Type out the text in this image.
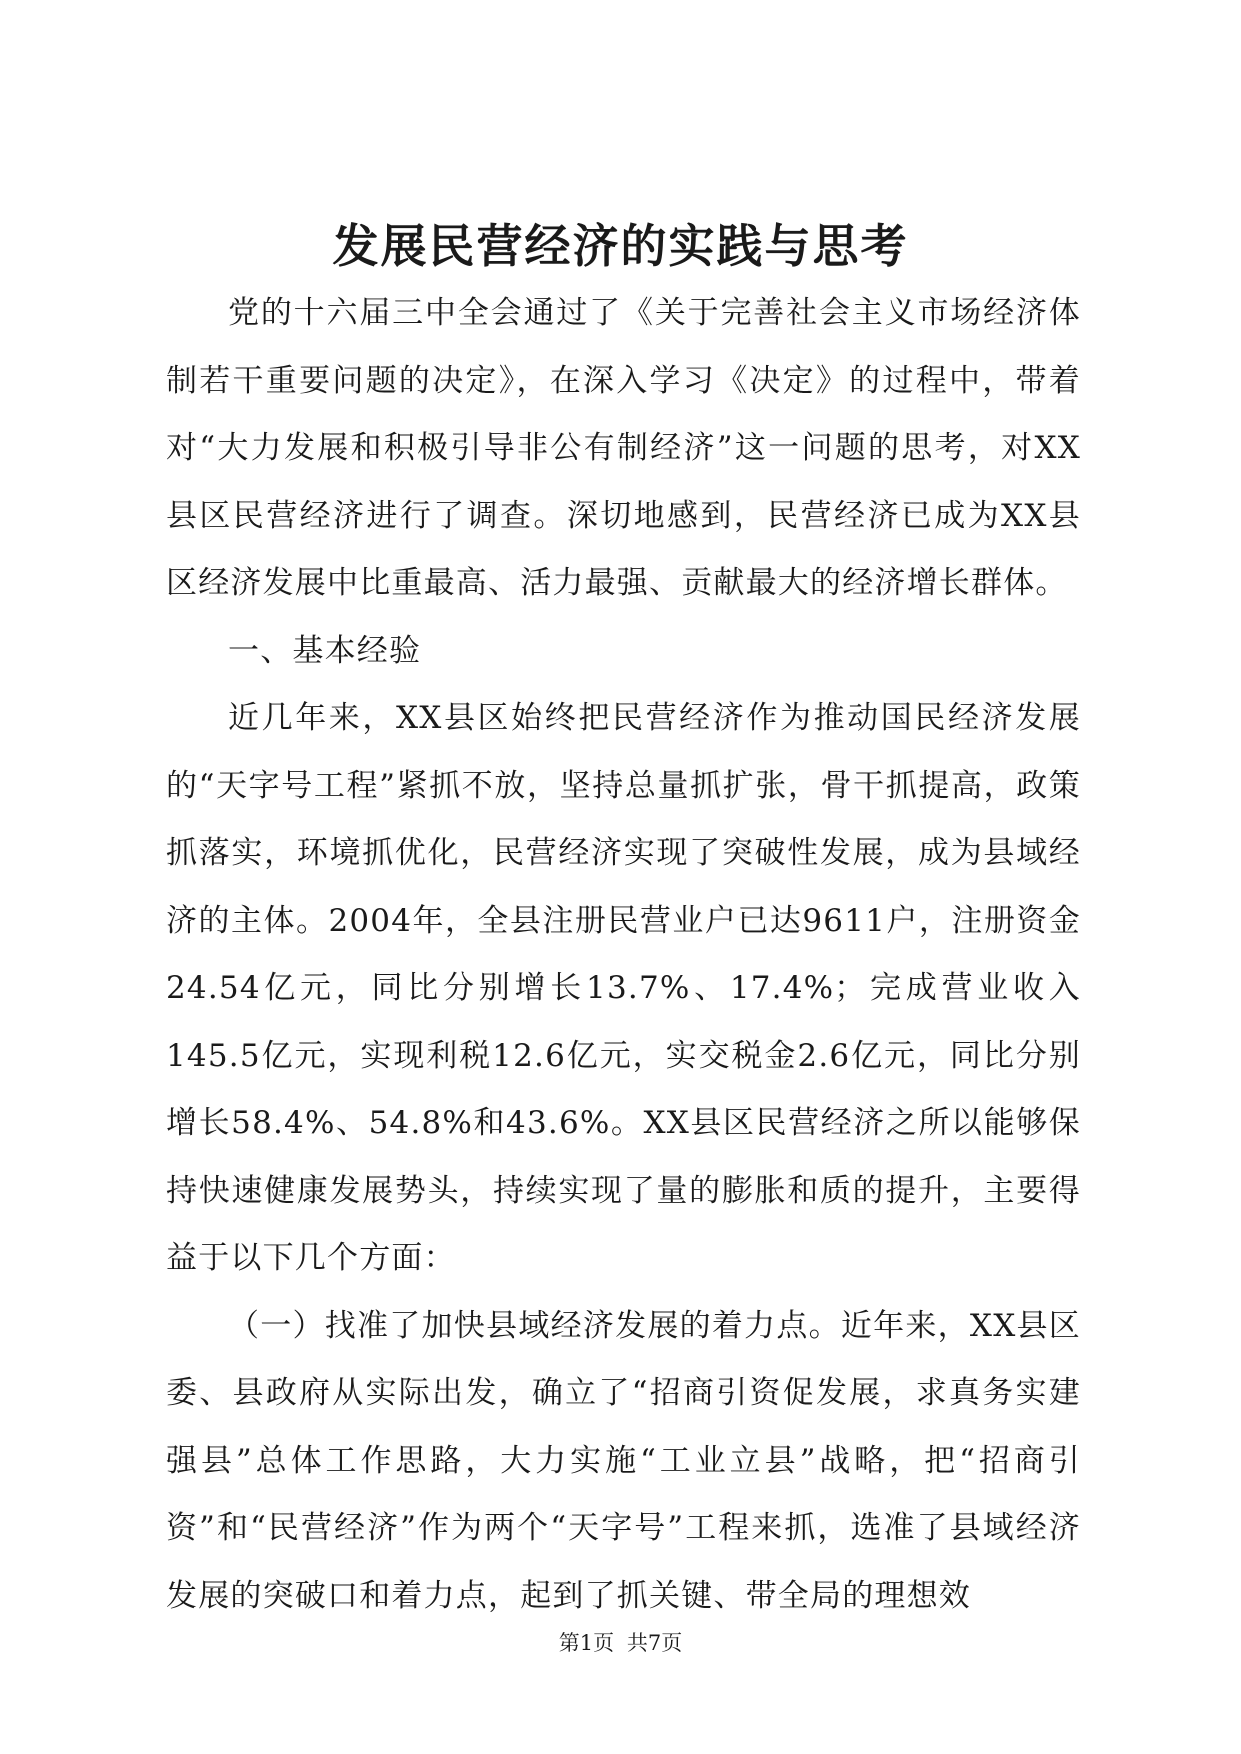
发展民营经济的实践与思考

党的十六届三中全会通过了《关于完善社会主义市场经济体制若干重要问题的决定》，在深入学习《决定》的过程中，带着对“大力发展和积极引导非公有制经济”这一问题的思考，对XX县区民营经济进行了调查。深切地感到，民营经济已成为XX县区经济发展中比重最高、活力最强、贡献最大的经济增长群体。

一、基本经验

近几年来，XX县区始终把民营经济作为推动国民经济发展的“天字号工程”紧抓不放，坚持总量抓扩张，骨干抓提高，政策抓落实，环境抓优化，民营经济实现了突破性发展，成为县域经济的主体。2004年，全县注册民营业户已达9611户，注册资金24.54亿元，同比分别增长13.7%、17.4%；完成营业收入145.5亿元，实现利税12.6亿元，实交税金2.6亿元，同比分别增长58.4%、54.8%和43.6%。XX县区民营经济之所以能够保持快速健康发展势头，持续实现了量的膨胀和质的提升，主要得益于以下几个方面：

（一）找准了加快县域经济发展的着力点。近年来，XX县区委、县政府从实际出发，确立了“招商引资促发展，求真务实建强县”总体工作思路，大力实施“工业立县”战略，把“招商引资”和“民营经济”作为两个“天字号”工程来抓，选准了县域经济发展的突破口和着力点，起到了抓关键、带全局的理想效

第1页 共7页
